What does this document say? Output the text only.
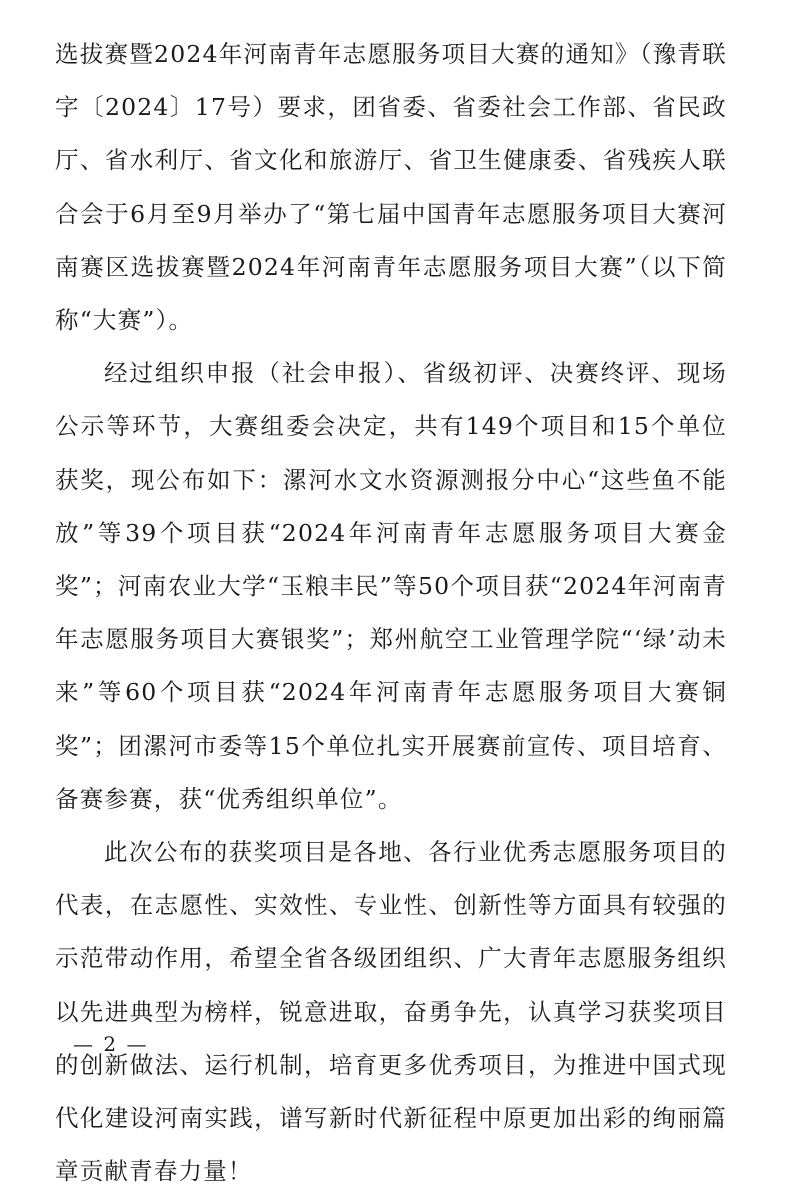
选拔赛暨2024年河南青年志愿服务项目大赛的通知》（豫青联字〔2024〕17号）要求，团省委、省委社会工作部、省民政厅、省水利厅、省文化和旅游厅、省卫生健康委、省残疾人联合会于6月至9月举办了“第七届中国青年志愿服务项目大赛河南赛区选拔赛暨2024年河南青年志愿服务项目大赛”（以下简称“大赛”）。

经过组织申报（社会申报）、省级初评、决赛终评、现场公示等环节，大赛组委会决定，共有149个项目和15个单位获奖，现公布如下：漯河水文水资源测报分中心“这些鱼不能放”等39个项目获“2024年河南青年志愿服务项目大赛金奖”；河南农业大学“玉粮丰民”等50个项目获“2024年河南青年志愿服务项目大赛银奖”；郑州航空工业管理学院“‘绿’动未来”等60个项目获“2024年河南青年志愿服务项目大赛铜奖”；团漯河市委等15个单位扎实开展赛前宣传、项目培育、备赛参赛，获“优秀组织单位”。

此次公布的获奖项目是各地、各行业优秀志愿服务项目的代表，在志愿性、实效性、专业性、创新性等方面具有较强的示范带动作用，希望全省各级团组织、广大青年志愿服务组织以先进典型为榜样，锐意进取，奋勇争先，认真学习获奖项目的创新做法、运行机制，培育更多优秀项目，为推进中国式现代化建设河南实践，谱写新时代新征程中原更加出彩的绚丽篇章贡献青春力量！

— 2 —
